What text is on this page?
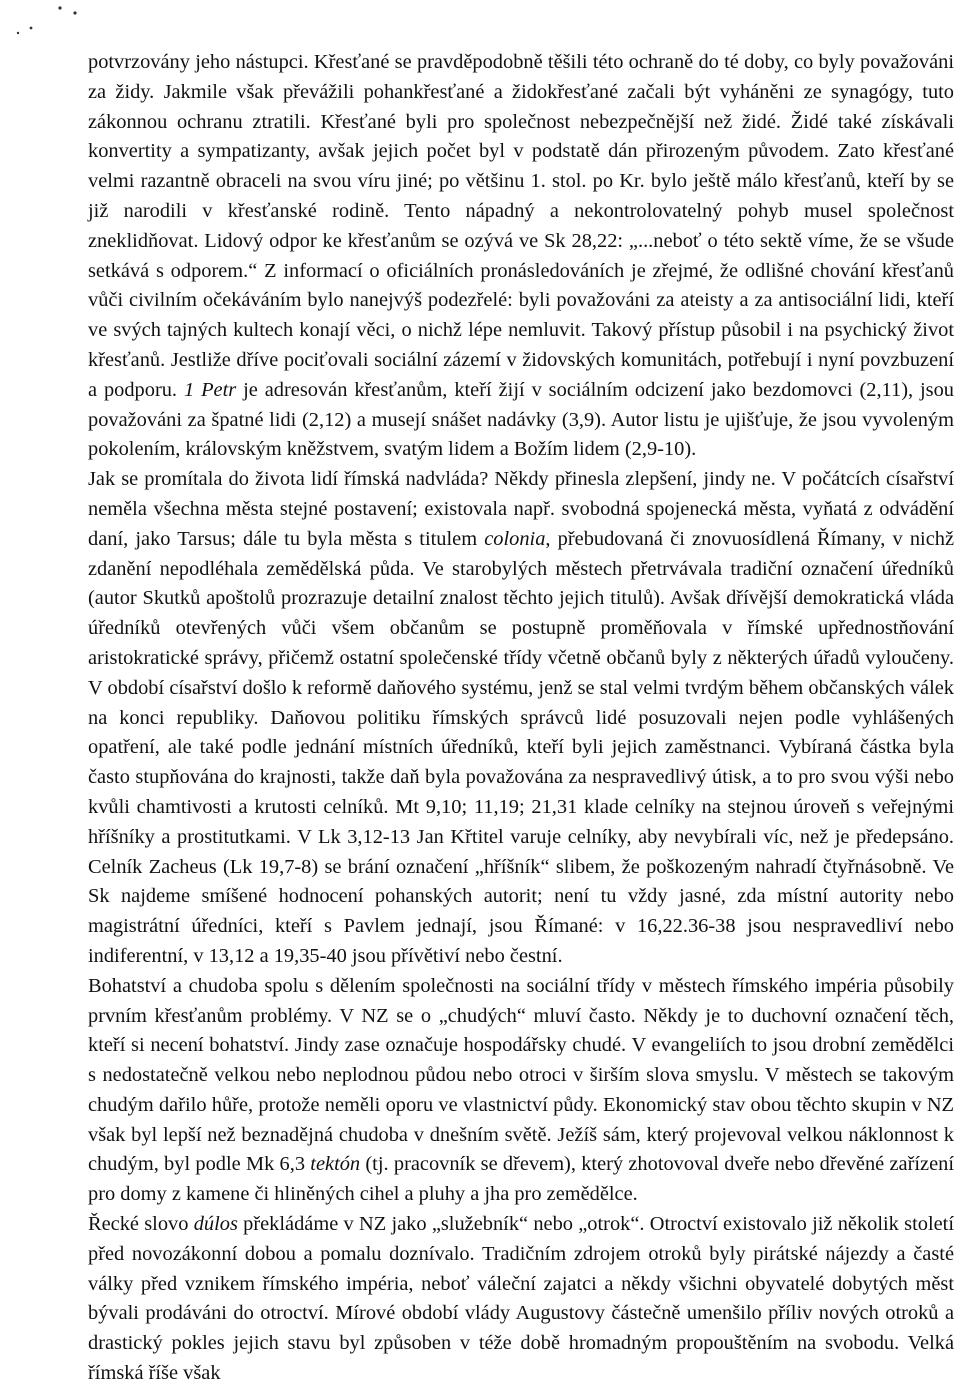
potvrzovány jeho nástupci. Křesťané se pravděpodobně těšili této ochraně do té doby, co byly považováni za židy. Jakmile však převážili pohankřesťané a židokřesťané začali být vyháněni ze synagógy, tuto zákonnou ochranu ztratili. Křesťané byli pro společnost nebezpečnější než židé. Židé také získávali konvertity a sympatizanty, avšak jejich počet byl v podstatě dán přirozeným původem. Zato křesťané velmi razantně obraceli na svou víru jiné; po většinu 1. stol. po Kr. bylo ještě málo křesťanů, kteří by se již narodili v křesťanské rodině. Tento nápadný a nekontrolovatelný pohyb musel společnost zneklidňovat. Lidový odpor ke křesťanům se ozývá ve Sk 28,22: „...neboť o této sektě víme, že se všude setkává s odporem.“ Z informací o oficiálních pronásledováních je zřejmé, že odlišné chování křesťanů vůči civilním očekáváním bylo nanejvýš podezřelé: byli považováni za ateisty a za antisociální lidi, kteří ve svých tajných kultech konají věci, o nichž lépe nemluvit. Takový přístup působil i na psychický život křesťanů. Jestliže dříve pociťovali sociální zázemí v židovských komunitách, potřebují i nyní povzbuzení a podporu. 1 Petr je adresován křesťanům, kteří žijí v sociálním odcizení jako bezdomovci (2,11), jsou považováni za špatné lidi (2,12) a musejí snášet nadávky (3,9). Autor listu je ujišťuje, že jsou vyvoleným pokolením, královským kněžstvem, svatým lidem a Božím lidem (2,9-10).

Jak se promítala do života lidí římská nadvláda? Někdy přinesla zlepšení, jindy ne. V počátcích císařství neměla všechna města stejné postavení; existovala např. svobodná spojenecká města, vyňatá z odvádění daní, jako Tarsus; dále tu byla města s titulem colonia, přebudovaná či znovuosídlená Římany, v nichž zdanění nepodléhala zemědělská půda. Ve starobylých městech přetrvávala tradiční označení úředníků (autor Skutků apoštolů prozrazuje detailní znalost těchto jejich titulů). Avšak dřívější demokratická vláda úředníků otevřených vůči všem občanům se postupně proměňovala v římské upřednostňování aristokratické správy, přičemž ostatní společenské třídy včetně občanů byly z některých úřadů vyloučeny. V období císařství došlo k reformě daňového systému, jenž se stal velmi tvrdým během občanských válek na konci republiky. Daňovou politiku římských správců lidé posuzovali nejen podle vyhlášených opatření, ale také podle jednání místních úředníků, kteří byli jejich zaměstnanci. Vybíraná částka byla často stupňována do krajnosti, takže daň byla považována za nespravedlivý útisk, a to pro svou výši nebo kvůli chamtivosti a krutosti celníků. Mt 9,10; 11,19; 21,31 klade celníky na stejnou úroveň s veřejnými hříšníky a prostitutkami. V Lk 3,12-13 Jan Křtitel varuje celníky, aby nevybírali víc, než je předepsáno. Celník Zacheus (Lk 19,7-8) se brání označení „hříšník“ slibem, že poškozeným nahradí čtyřnásobně. Ve Sk najdeme smíšené hodnocení pohanských autorit; není tu vždy jasné, zda místní autority nebo magistrátní úředníci, kteří s Pavlem jednají, jsou Římané: v 16,22.36-38 jsou nespravedliví nebo indiferentní, v 13,12 a 19,35-40 jsou přívětiví nebo čestní.

Bohatství a chudoba spolu s dělením společnosti na sociální třídy v městech římského impéria působily prvním křesťanům problémy. V NZ se o „chudých“ mluví často. Někdy je to duchovní označení těch, kteří si necení bohatství. Jindy zase označuje hospodářsky chudé. V evangeliích to jsou drobní zemědělci s nedostatečně velkou nebo neplodnou půdou nebo otroci v širším slova smyslu. V městech se takovým chudým dařilo hůře, protože neměli oporu ve vlastnictví půdy. Ekonomický stav obou těchto skupin v NZ však byl lepší než beznadějná chudoba v dnešním světě. Ježíš sám, který projevoval velkou náklonnost k chudým, byl podle Mk 6,3 tektón (tj. pracovník se dřevem), který zhotovoval dveře nebo dřevěné zařízení pro domy z kamene či hliněných cihel a pluhy a jha pro zemědělce.

Řecké slovo dúlos překládáme v NZ jako „služebník“ nebo „otrok“. Otroctví existovalo již několik století před novozákonní dobou a pomalu doznívalo. Tradičním zdrojem otroků byly pirátské nájezdy a časté války před vznikem římského impéria, neboť váleční zajatci a někdy všichni obyvatelé dobytých měst bývali prodáváni do otroctví. Mírové období vlády Augustovy částečně umenšilo příliv nových otroků a drastický pokles jejich stavu byl způsoben v téže době hromadným propouštěním na svobodu. Velká římská říše však
